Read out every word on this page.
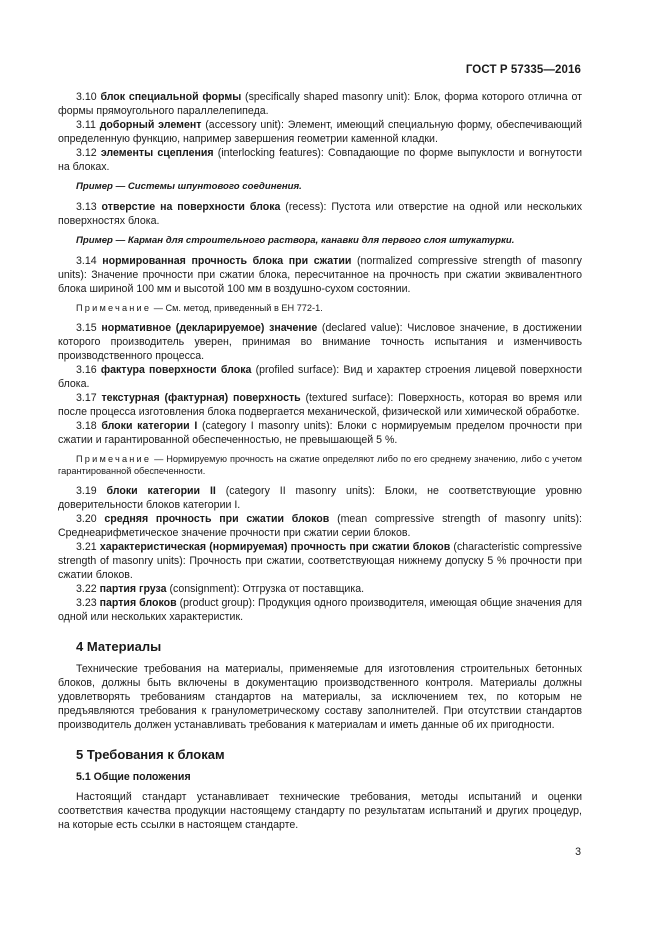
ГОСТ Р 57335—2016

3.10 блок специальной формы (specifically shaped masonry unit): Блок, форма которого отлична от формы прямоугольного параллелепипеда.

3.11 доборный элемент (accessory unit): Элемент, имеющий специальную форму, обеспечивающий определенную функцию, например завершения геометрии каменной кладки.

3.12 элементы сцепления (interlocking features): Совпадающие по форме выпуклости и вогнутости на блоках.

Пример — Системы шпунтового соединения.

3.13 отверстие на поверхности блока (recess): Пустота или отверстие на одной или нескольких поверхностях блока.

Пример — Карман для строительного раствора, канавки для первого слоя штукатурки.

3.14 нормированная прочность блока при сжатии (normalized compressive strength of masonry units): Значение прочности при сжатии блока, пересчитанное на прочность при сжатии эквивалентного блока шириной 100 мм и высотой 100 мм в воздушно-сухом состоянии.

Примечание — См. метод, приведенный в ЕН 772-1.

3.15 нормативное (декларируемое) значение (declared value): Числовое значение, в достижении которого производитель уверен, принимая во внимание точность испытания и изменчивость производственного процесса.

3.16 фактура поверхности блока (profiled surface): Вид и характер строения лицевой поверхности блока.

3.17 текстурная (фактурная) поверхность (textured surface): Поверхность, которая во время или после процесса изготовления блока подвергается механической, физической или химической обработке.

3.18 блоки категории I (category I masonry units): Блоки с нормируемым пределом прочности при сжатии и гарантированной обеспеченностью, не превышающей 5 %.

Примечание — Нормируемую прочность на сжатие определяют либо по его среднему значению, либо с учетом гарантированной обеспеченности.

3.19 блоки категории II (category II masonry units): Блоки, не соответствующие уровню доверительности блоков категории I.

3.20 средняя прочность при сжатии блоков (mean compressive strength of masonry units): Среднеарифметическое значение прочности при сжатии серии блоков.

3.21 характеристическая (нормируемая) прочность при сжатии блоков (characteristic compressive strength of masonry units): Прочность при сжатии, соответствующая нижнему допуску 5 % прочности при сжатии блоков.

3.22 партия груза (consignment): Отгрузка от поставщика.

3.23 партия блоков (product group): Продукция одного производителя, имеющая общие значения для одной или нескольких характеристик.

4 Материалы

Технические требования на материалы, применяемые для изготовления строительных бетонных блоков, должны быть включены в документацию производственного контроля. Материалы должны удовлетворять требованиям стандартов на материалы, за исключением тех, по которым не предъявляются требования к гранулометрическому составу заполнителей. При отсутствии стандартов производитель должен устанавливать требования к материалам и иметь данные об их пригодности.

5 Требования к блокам
5.1 Общие положения

Настоящий стандарт устанавливает технические требования, методы испытаний и оценки соответствия качества продукции настоящему стандарту по результатам испытаний и других процедур, на которые есть ссылки в настоящем стандарте.

3
